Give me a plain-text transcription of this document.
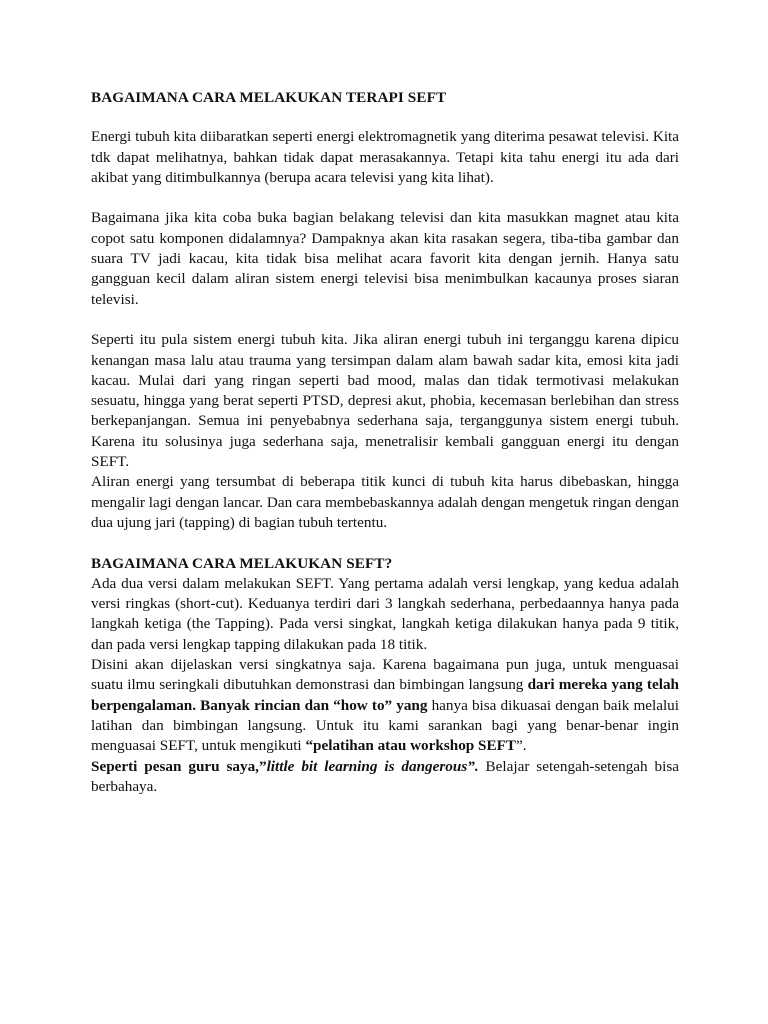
BAGAIMANA CARA MELAKUKAN TERAPI SEFT

Energi tubuh kita diibaratkan seperti energi elektromagnetik yang diterima pesawat televisi. Kita tdk dapat melihatnya, bahkan tidak dapat merasakannya. Tetapi kita tahu energi itu ada dari akibat yang ditimbulkannya (berupa acara televisi yang kita lihat).

Bagaimana jika kita coba buka bagian belakang televisi dan kita masukkan magnet atau kita copot satu komponen didalamnya? Dampaknya akan kita rasakan segera, tiba-tiba gambar dan suara TV jadi kacau, kita tidak bisa melihat acara favorit kita dengan jernih. Hanya satu gangguan kecil dalam aliran sistem energi televisi bisa menimbulkan kacaunya proses siaran televisi.

Seperti itu pula sistem energi tubuh kita. Jika aliran energi tubuh ini terganggu karena dipicu kenangan masa lalu atau trauma yang tersimpan dalam alam bawah sadar kita, emosi kita jadi kacau. Mulai dari yang ringan seperti bad mood, malas dan tidak termotivasi melakukan sesuatu, hingga yang berat seperti PTSD, depresi akut, phobia, kecemasan berlebihan dan stress berkepanjangan. Semua ini penyebabnya sederhana saja, terganggunya sistem energi tubuh. Karena itu solusinya juga sederhana saja, menetralisir kembali gangguan energi itu dengan SEFT.

Aliran energi yang tersumbat di beberapa titik kunci di tubuh kita harus dibebaskan, hingga mengalir lagi dengan lancar. Dan cara membebaskannya adalah dengan mengetuk ringan dengan dua ujung jari (tapping) di bagian tubuh tertentu.

BAGAIMANA CARA MELAKUKAN SEFT?

Ada dua versi dalam melakukan SEFT. Yang pertama adalah versi lengkap, yang kedua adalah versi ringkas (short-cut). Keduanya terdiri dari 3 langkah sederhana, perbedaannya hanya pada langkah ketiga (the Tapping). Pada versi singkat, langkah ketiga dilakukan hanya pada 9 titik, dan pada versi lengkap tapping dilakukan pada 18 titik.

Disini akan dijelaskan versi singkatnya saja. Karena bagaimana pun juga, untuk menguasai suatu ilmu seringkali dibutuhkan demonstrasi dan bimbingan langsung dari mereka yang telah berpengalaman. Banyak rincian dan “how to” yang hanya bisa dikuasai dengan baik melalui latihan dan bimbingan langsung. Untuk itu kami sarankan bagi yang benar-benar ingin menguasai SEFT, untuk mengikuti “pelatihan atau workshop SEFT”.

Seperti pesan guru saya,”little bit learning is dangerous”. Belajar setengah-setengah bisa berbahaya.
